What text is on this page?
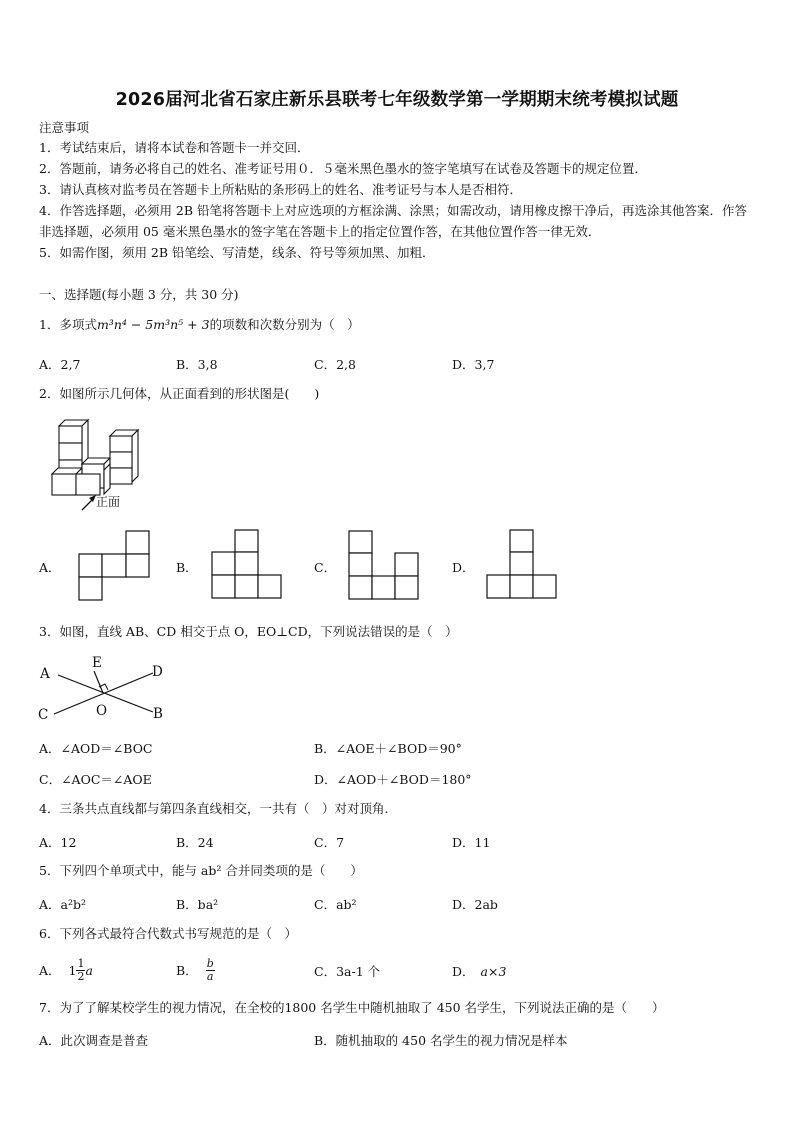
2026届河北省石家庄新乐县联考七年级数学第一学期期末统考模拟试题
注意事项
1．考试结束后，请将本试卷和答题卡一并交回．
2．答题前，请务必将自己的姓名、准考证号用０．５毫米黑色墨水的签字笔填写在试卷及答题卡的规定位置．
3．请认真核对监考员在答题卡上所粘贴的条形码上的姓名、准考证号与本人是否相符．
4．作答选择题，必须用 2B 铅笔将答题卡上对应选项的方框涂满、涂黑；如需改动，请用橡皮擦干净后，再选涂其他答案．作答非选择题，必须用 05 毫米黑色墨水的签字笔在答题卡上的指定位置作答，在其他位置作答一律无效．
5．如需作图，须用 2B 铅笔绘、写清楚，线条、符号等须加黑、加粗．
一、选择题(每小题 3 分，共 30 分)
1．多项式m³n⁴ − 5m³n⁵ + 3的项数和次数分别为（　）
A．2,7	B．3,8	C．2,8	D．3,7
2．如图所示几何体，从正面看到的形状图是(　　)
正面
A．	B．	C．	D．
3．如图，直线 AB、CD 相交于点 O，EO⊥CD，下列说法错误的是（　）
A
E
D
C	O	B
A．∠AOD＝∠BOC	B．∠AOE＋∠BOD＝90°
C．∠AOC＝∠AOE	D．∠AOD＋∠BOD＝180°
4．三条共点直线都与第四条直线相交，一共有（　）对对顶角.
A．12	B．24	C．7	D．11
5．下列四个单项式中，能与 ab² 合并同类项的是（　　）
A．a²b²	B．ba²	C．ab²	D．2ab
6．下列各式最符合代数式书写规范的是（　）
A． $1 \frac{1}{2}$ a	B． $\frac{b}{a}$	C．3a-1 个	D． a×3
7．为了了解某校学生的视力情况，在全校的1800 名学生中随机抽取了 450 名学生，下列说法正确的是（　　）
A．此次调查是普查	B．随机抽取的 450 名学生的视力情况是样本
